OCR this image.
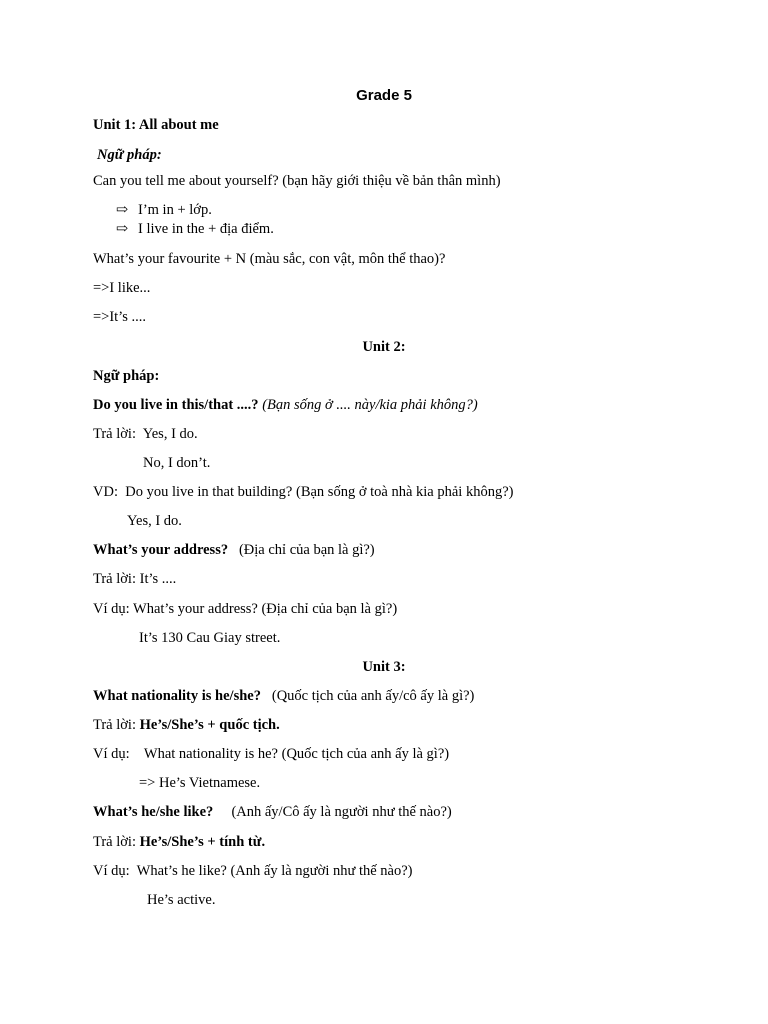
Grade 5
Unit 1: All about me
Ngữ pháp:
Can you tell me about yourself? (bạn hãy giới thiệu về bản thân mình)
⇨ I’m in + lớp.
⇨ I live in the + địa điểm.
What’s your favourite + N (màu sắc, con vật, môn thể thao)?
=>I like...
=>It’s ....
Unit 2:
Ngữ pháp:
Do you live in this/that ....? (Bạn sống ở .... này/kia phải không?)
Trả lời: Yes, I do.
No, I don’t.
VD: Do you live in that building? (Bạn sống ở toà nhà kia phải không?)
Yes, I do.
What’s your address? (Địa chỉ của bạn là gì?)
Trả lời: It’s ....
Ví dụ: What’s your address? (Địa chỉ của bạn là gì?)
It’s 130 Cau Giay street.
Unit 3:
What nationality is he/she? (Quốc tịch của anh ấy/cô ấy là gì?)
Trả lời: He’s/She’s + quốc tịch.
Ví dụ: What nationality is he? (Quốc tịch của anh ấy là gì?)
=> He’s Vietnamese.
What’s he/she like? (Anh ấy/Cô ấy là người như thế nào?)
Trả lời: He’s/She’s + tính từ.
Ví dụ: What’s he like? (Anh ấy là người như thế nào?)
He’s active.
